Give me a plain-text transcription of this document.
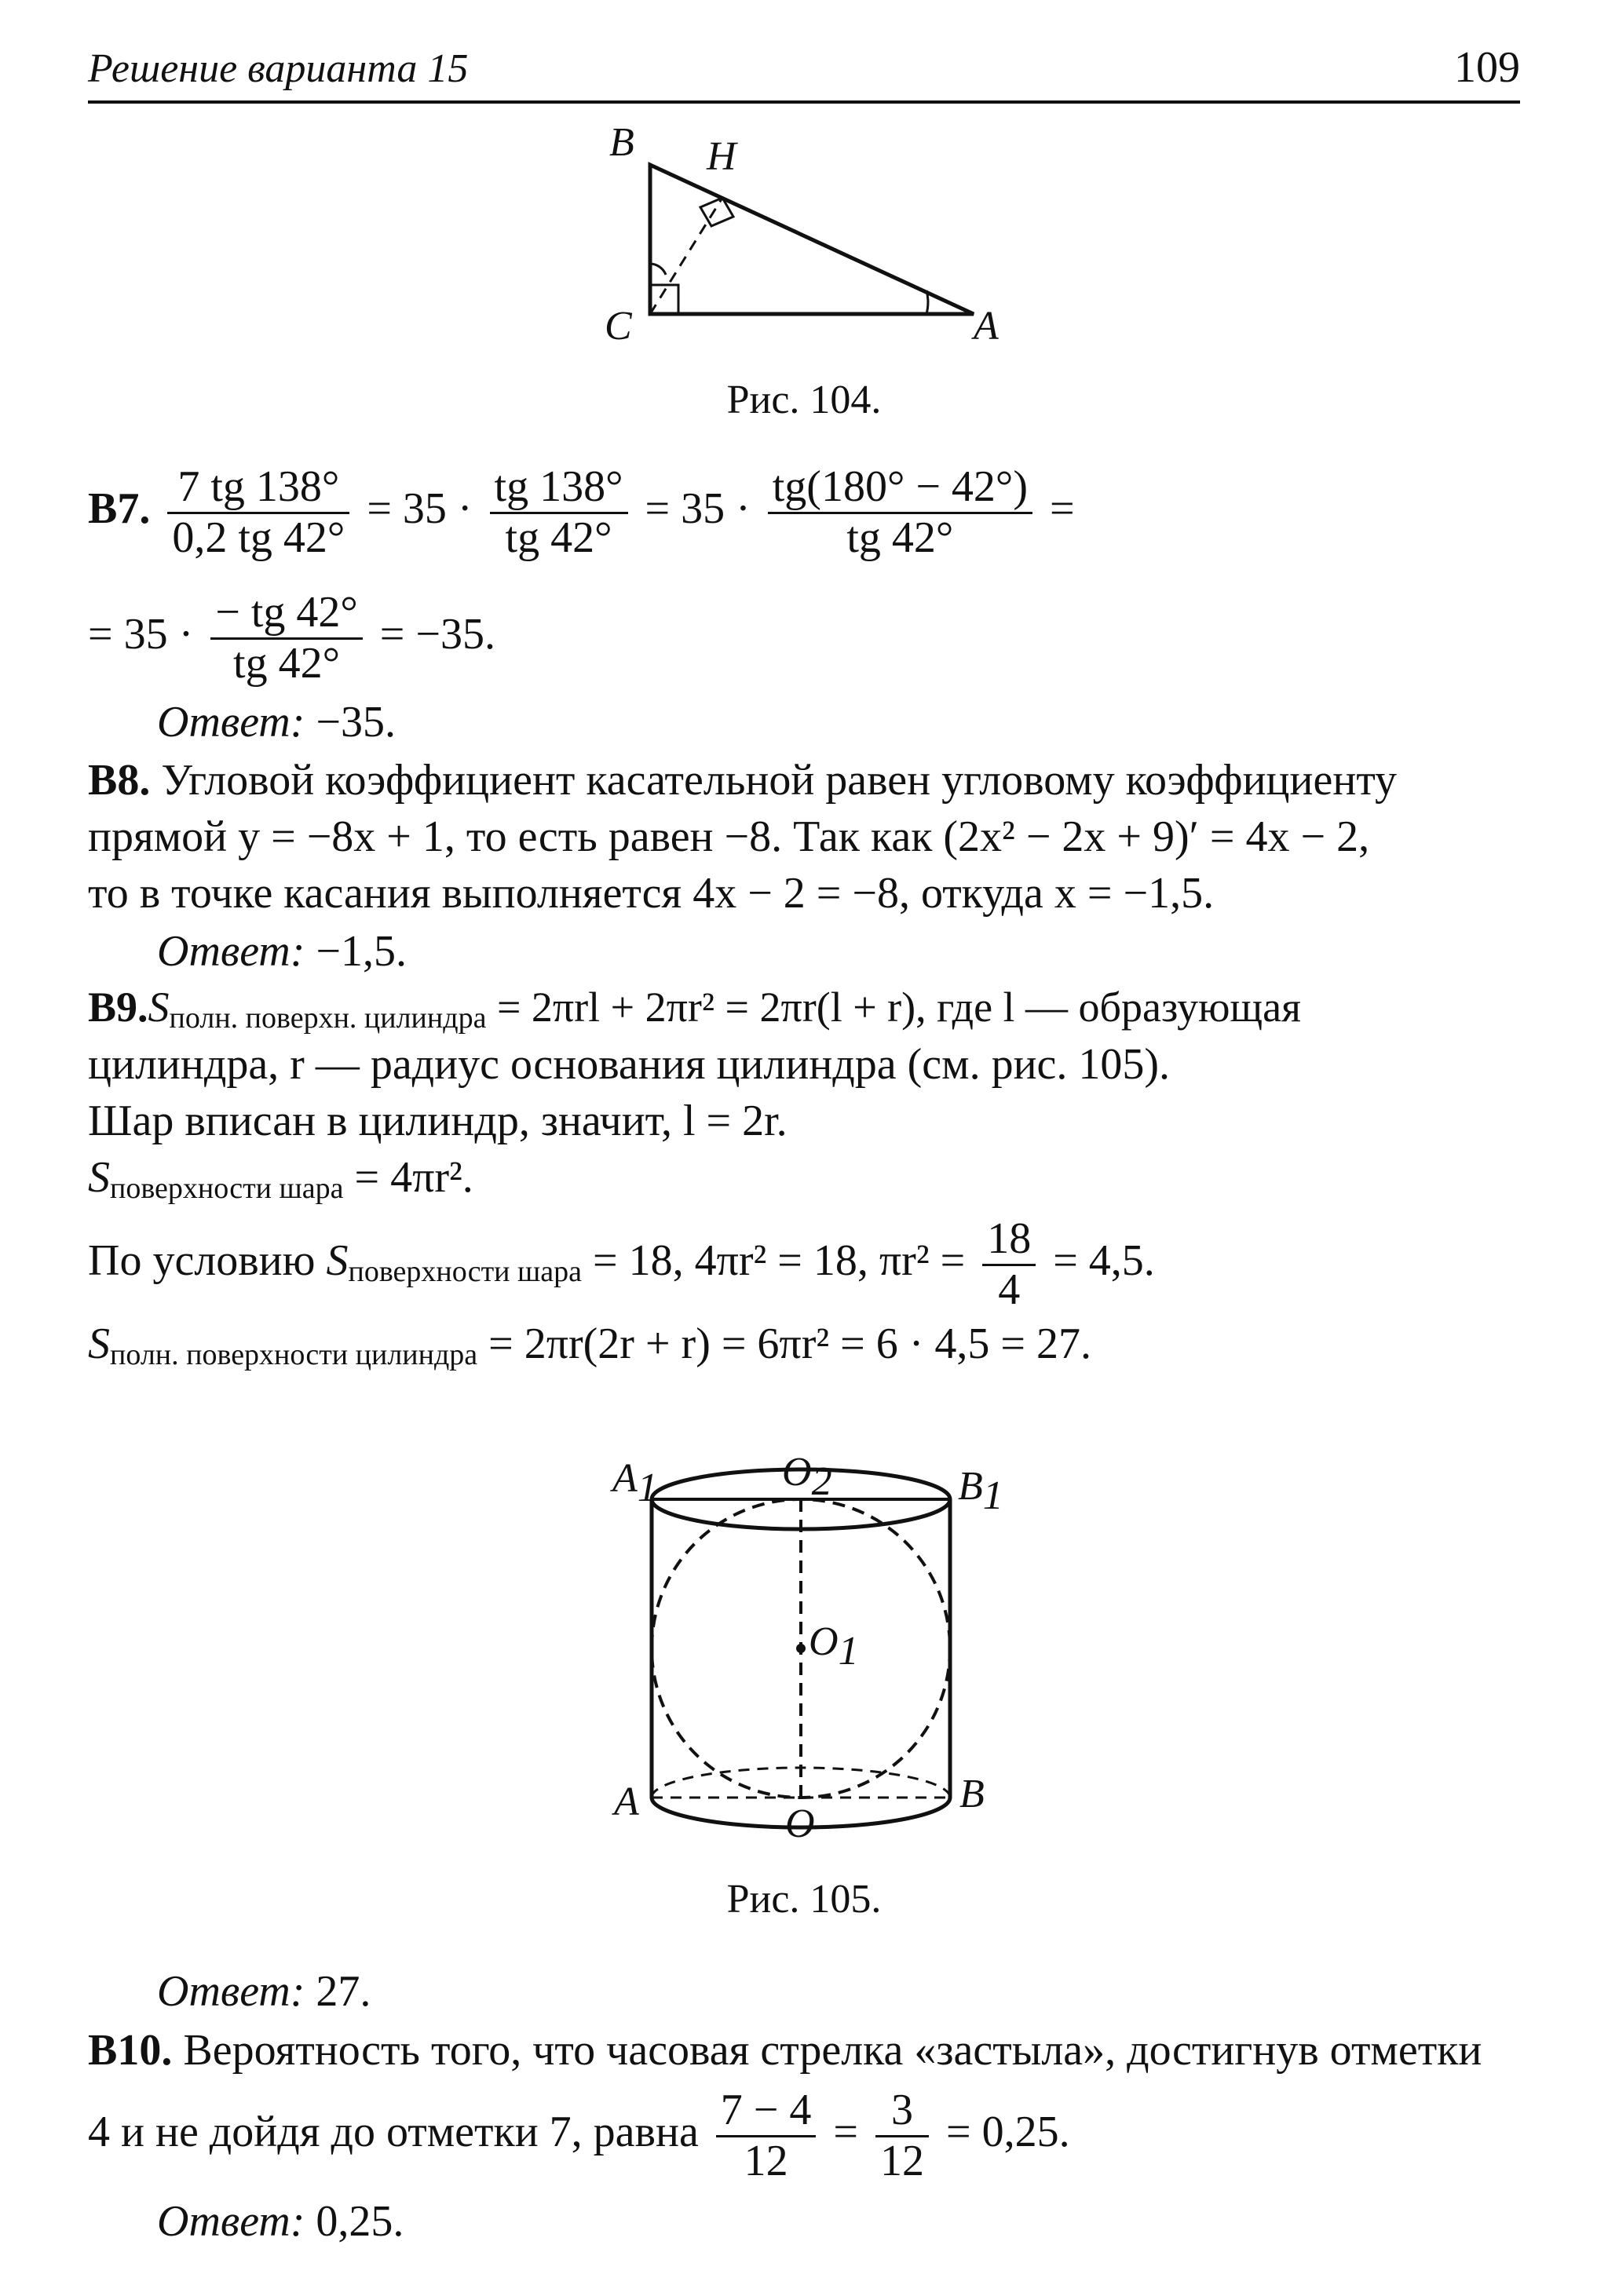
Решение варианта 15	109
B H
C	A
Рис. 104.
В7. $\frac{7 tg 138^\circ}{0,2 tg 42^\circ} = 35 \cdot \frac{tg 138^\circ}{tg 42^\circ} = 35 \cdot \frac{tg(180^\circ - 42^\circ)}{tg 42^\circ}$ =
= $35 \cdot \frac{- tg 42^\circ}{tg 42^\circ} = -35$.
Ответ: −35.
В8. Угловой коэффициент касательной равен угловому коэффициенту
прямой y = −8x + 1, то есть равен −8. Так как (2x² − 2x + 9)′ = 4x − 2,
то в точке касания выполняется 4x − 2 = −8, откуда x = −1,5.
Ответ: −1,5.
$В9.S_{полн. поверхн. цилиндра} = 2\pi rl + 2\pi r^2 = 2\pi r(l + r)$, где l — образующая
цилиндра, r — радиус основания цилиндра (см. рис. 105).
Шар вписан в цилиндр, значит, l = 2r.
$S_{поверхности шара} = 4\pi r^2$.
По условию $S_{поверхности шара} = 18$, 4πr² = 18, $\pi r^2 = \frac{18}{4} = 4,5$.
$S_{полн. поверхности цилиндра} = 2\pi r(2r + r) = 6\pi r^2 = 6 \cdot 4,5 = 27$.
A1	O2	B1
O1
A	O
B
Рис. 105.
Ответ: 27.
В10. Вероятность того, что часовая стрелка «застыла», достигнув отметки
4 и не дойдя до отметки 7, равна $\frac{7 - 4}{12} = \frac{3}{12} = 0,25$.
Ответ: 0,25.
